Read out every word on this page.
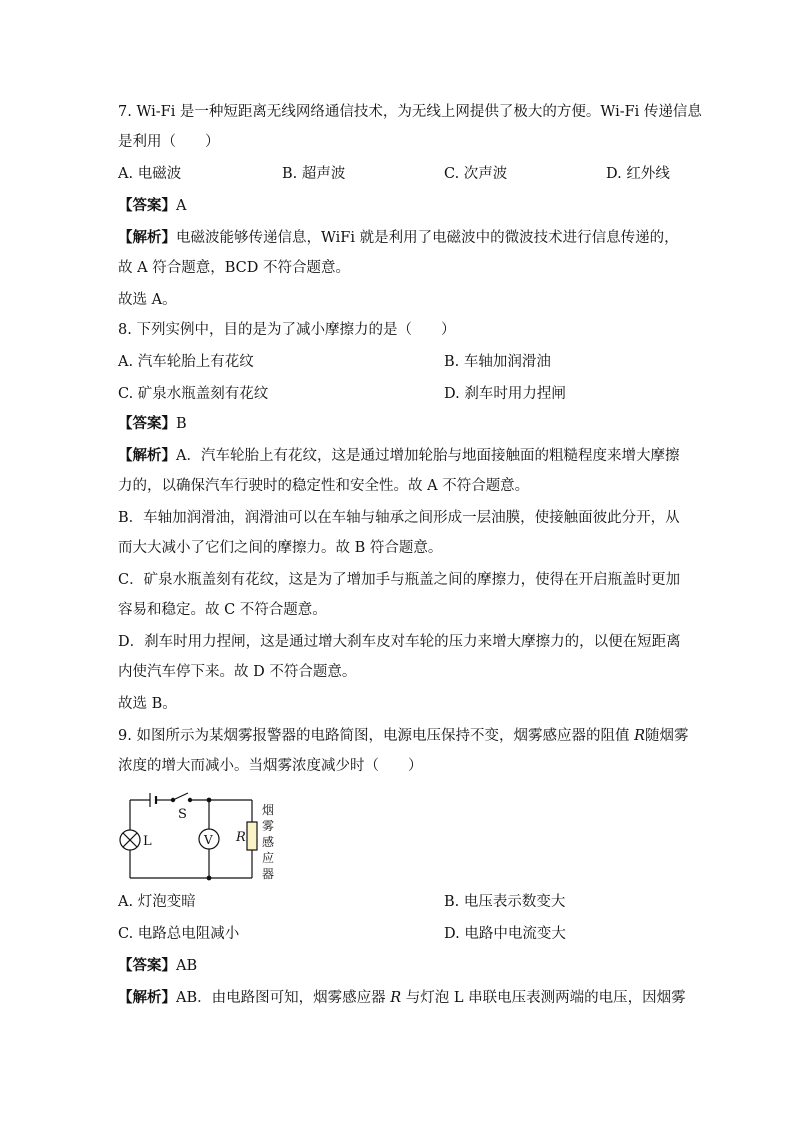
7. Wi-Fi 是一种短距离无线网络通信技术，为无线上网提供了极大的方便。Wi-Fi 传递信息
是利用（　　）
A. 电磁波	B. 超声波	C. 次声波	D. 红外线
【答案】A
【解析】电磁波能够传递信息，WiFi 就是利用了电磁波中的微波技术进行信息传递的，
故 A 符合题意，BCD 不符合题意。
故选 A。
8. 下列实例中，目的是为了减小摩擦力的是（　　）
A. 汽车轮胎上有花纹	B. 车轴加润滑油
C. 矿泉水瓶盖刻有花纹	D. 刹车时用力捏闸
【答案】B
【解析】A．汽车轮胎上有花纹，这是通过增加轮胎与地面接触面的粗糙程度来增大摩擦
力的，以确保汽车行驶时的稳定性和安全性。故 A 不符合题意。
B．车轴加润滑油，润滑油可以在车轴与轴承之间形成一层油膜，使接触面彼此分开，从
而大大减小了它们之间的摩擦力。故 B 符合题意。
C．矿泉水瓶盖刻有花纹，这是为了增加手与瓶盖之间的摩擦力，使得在开启瓶盖时更加
容易和稳定。故 C 不符合题意。
D．刹车时用力捏闸，这是通过增大刹车皮对车轮的压力来增大摩擦力的，以便在短距离
内使汽车停下来。故 D 不符合题意。
故选 B。
9. 如图所示为某烟雾报警器的电路简图，电源电压保持不变，烟雾感应器的阻值 R随烟雾
浓度的增大而减小。当烟雾浓度减少时（　　）
S
L	V R
烟
雾
感
应
器
A. 灯泡变暗	B. 电压表示数变大
C. 电路总电阻减小	D. 电路中电流变大
【答案】AB
【解析】AB．由电路图可知，烟雾感应器 R 与灯泡 L 串联电压表测两端的电压，因烟雾
